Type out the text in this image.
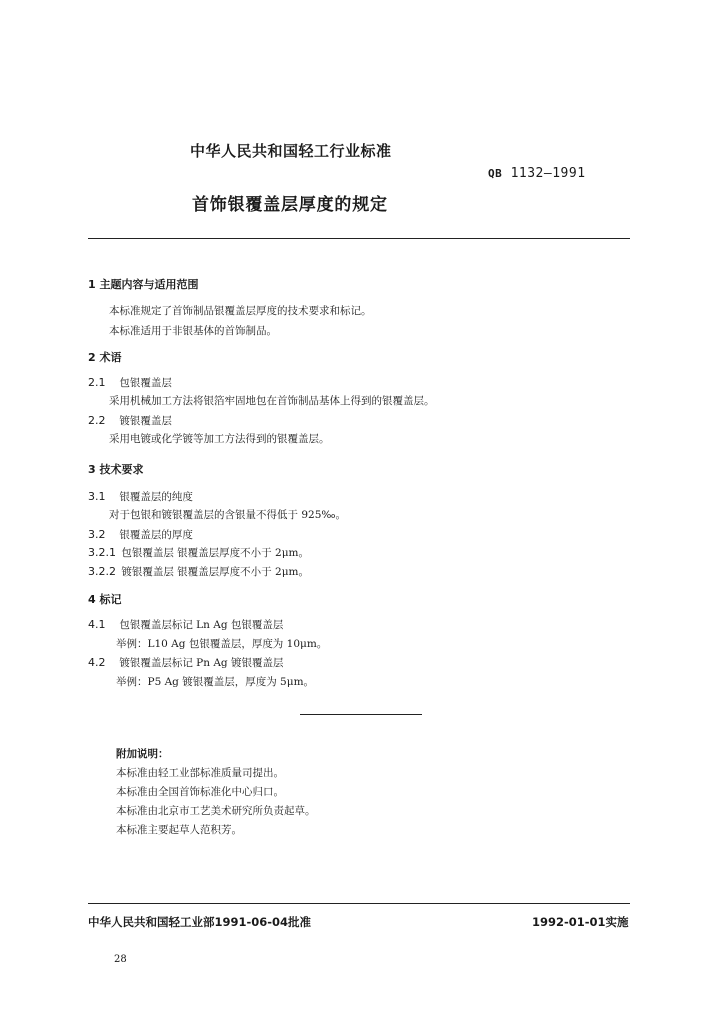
中华人民共和国轻工行业标准
QB 1132—1991
首饰银覆盖层厚度的规定
1 主题内容与适用范围
本标准规定了首饰制品银覆盖层厚度的技术要求和标记。
本标准适用于非银基体的首饰制品。
2 术语
2.1 包银覆盖层
采用机械加工方法将银箔牢固地包在首饰制品基体上得到的银覆盖层。
2.2 镀银覆盖层
采用电镀或化学镀等加工方法得到的银覆盖层。
3 技术要求
3.1 银覆盖层的纯度
对于包银和镀银覆盖层的含银量不得低于 925‰。
3.2 银覆盖层的厚度
3.2.1 包银覆盖层 银覆盖层厚度不小于 2μm。
3.2.2 镀银覆盖层 银覆盖层厚度不小于 2μm。
4 标记
4.1 包银覆盖层标记 Ln Ag 包银覆盖层
举例：L10 Ag 包银覆盖层，厚度为 10μm。
4.2 镀银覆盖层标记 Pn Ag 镀银覆盖层
举例：P5 Ag 镀银覆盖层，厚度为 5μm。
附加说明：
本标准由轻工业部标准质量司提出。
本标准由全国首饰标准化中心归口。
本标准由北京市工艺美术研究所负责起草。
本标准主要起草人范积芳。
中华人民共和国轻工业部1991-06-04批准	1992-01-01实施
28
